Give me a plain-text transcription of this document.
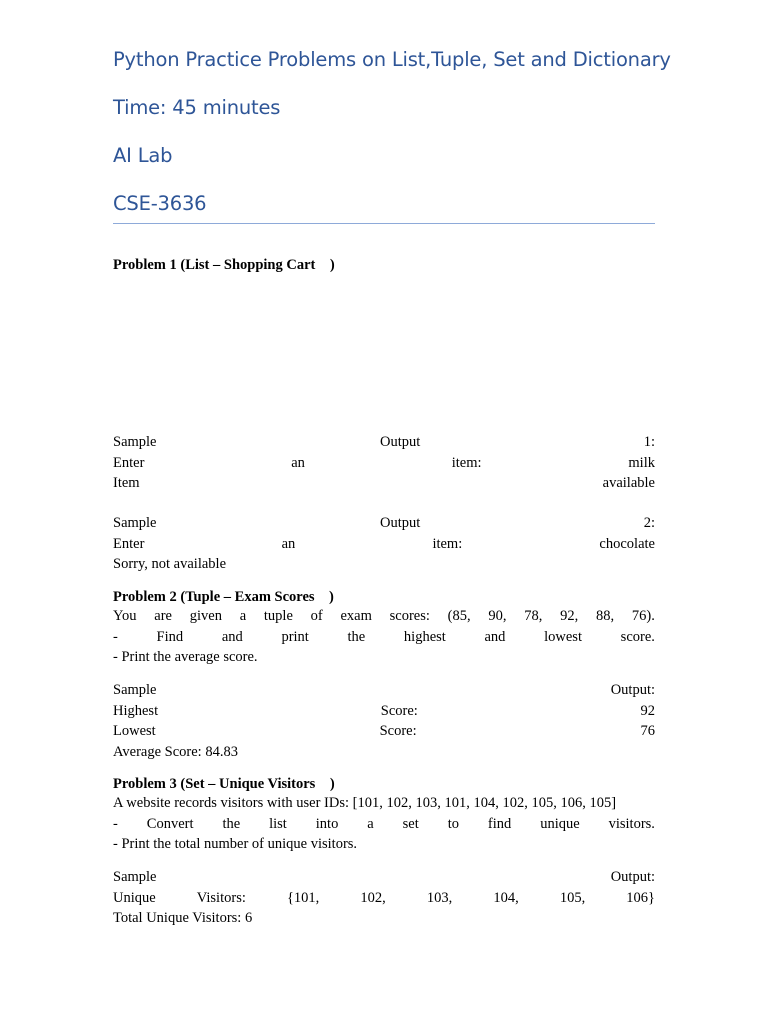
Python Practice Problems on List,Tuple, Set and Dictionary
Time: 45 minutes
AI Lab
CSE-3636
Problem 1 (List – Shopping Cart    )
Sample	Output	1:
Enter	an	item:	milk
Item	available
Sample	Output	2:
Enter	an	item:	chocolate
Sorry, not available
Problem 2 (Tuple – Exam Scores    )
You are given a tuple of exam scores: (85, 90, 78, 92, 88, 76).
-	Find	and	print	the	highest	and	lowest	score.
- Print the average score.
Sample	Output:
Highest	Score:	92
Lowest	Score:	76
Average Score: 84.83
Problem 3 (Set – Unique Visitors    )
A website records visitors with user IDs: [101, 102, 103, 101, 104, 102, 105, 106, 105]
- Convert the list into a set to find unique visitors.
- Print the total number of unique visitors.
Sample	Output:
Unique	Visitors:	{101,	102,	103,	104,	105,	106}
Total Unique Visitors: 6
